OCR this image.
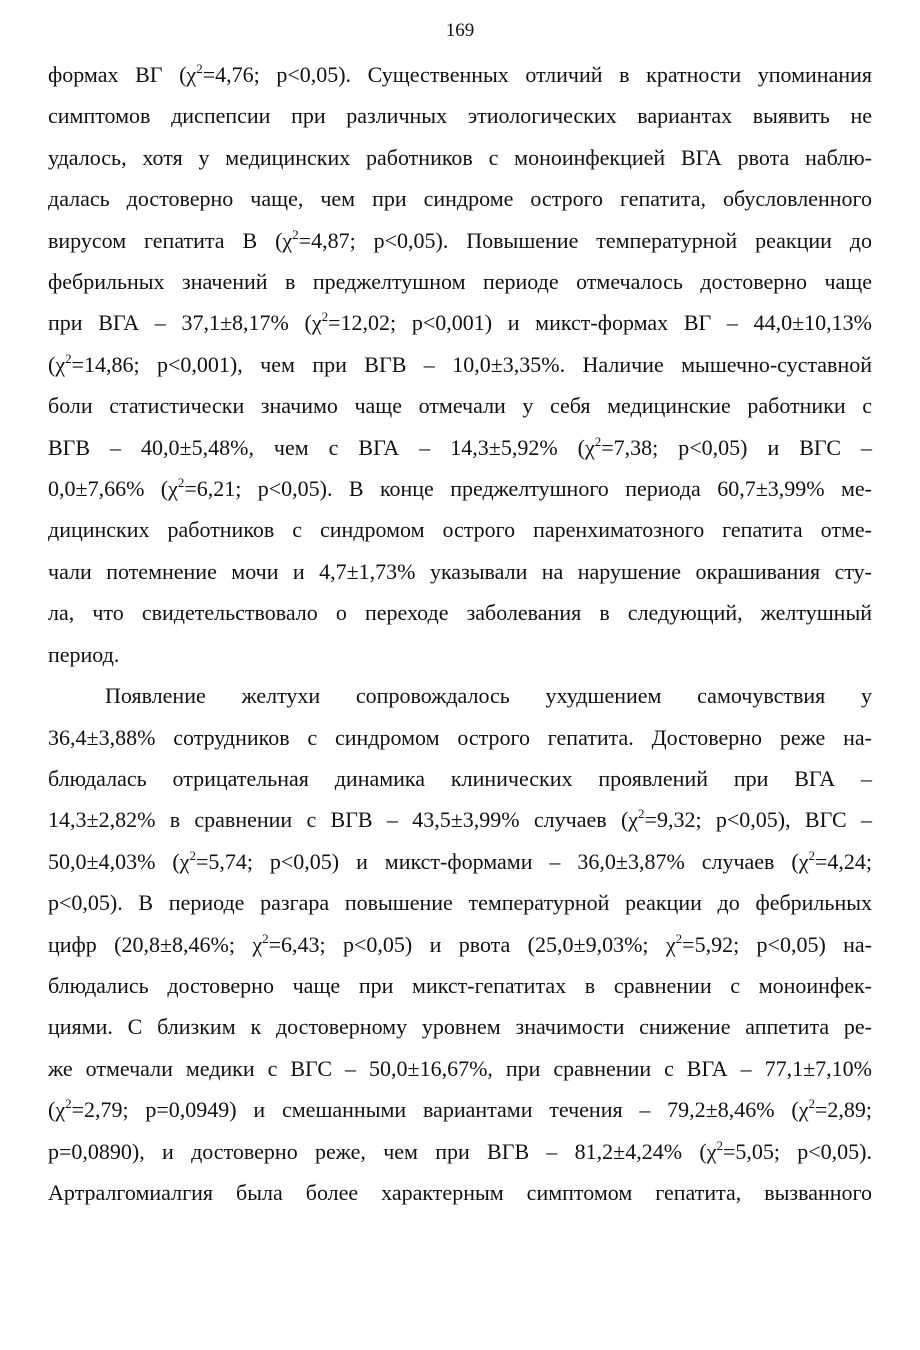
169
формах ВГ ($\chi^2=4,76$; р<0,05). Существенных отличий в кратности упоминания
симптомов диспепсии при различных этиологических вариантах выявить не
удалось, хотя у медицинских работников с моноинфекцией ВГА рвота наблю-
далась достоверно чаще, чем при синдроме острого гепатита, обусловленного
вирусом гепатита В ($\chi^2=4,87$; р<0,05). Повышение температурной реакции до
фебрильных значений в преджелтушном периоде отмечалось достоверно чаще
при ВГА – 37,1±8,17% ($\chi^2=12,02$; р<0,001) и микст-формах ВГ – 44,0±10,13%
($\chi^2=14,86$; р<0,001), чем при ВГВ – 10,0±3,35%. Наличие мышечно-суставной
боли статистически значимо чаще отмечали у себя медицинские работники с
ВГВ – 40,0±5,48%, чем с ВГА – 14,3±5,92% ($\chi^2=7,38$; р<0,05) и ВГС –
0,0±7,66% ($\chi^2=6,21$; р<0,05). В конце преджелтушного периода 60,7±3,99% ме-
дицинских работников с синдромом острого паренхиматозного гепатита отме-
чали потемнение мочи и 4,7±1,73% указывали на нарушение окрашивания сту-
ла, что свидетельствовало о переходе заболевания в следующий, желтушный
период.
Появление желтухи сопровождалось ухудшением самочувствия у
36,4±3,88% сотрудников с синдромом острого гепатита. Достоверно реже на-
блюдалась отрицательная динамика клинических проявлений при ВГА –
14,3±2,82% в сравнении с ВГВ – 43,5±3,99% случаев ($\chi^2=9,32$; р<0,05), ВГС –
50,0±4,03% ($\chi^2=5,74$; р<0,05) и микст-формами – 36,0±3,87% случаев ($\chi^2=4,24$;
р<0,05). В периоде разгара повышение температурной реакции до фебрильных
цифр (20,8±8,46%; $\chi^2=6,43$; р<0,05) и рвота (25,0±9,03%; $\chi^2=5,92$; р<0,05) на-
блюдались достоверно чаще при микст-гепатитах в сравнении с моноинфек-
циями. С близким к достоверному уровнем значимости снижение аппетита ре-
же отмечали медики с ВГС – 50,0±16,67%, при сравнении с ВГА – 77,1±7,10%
($\chi^2=2,79$; р=0,0949) и смешанными вариантами течения – 79,2±8,46% ($\chi^2=2,89$;
р=0,0890), и достоверно реже, чем при ВГВ – 81,2±4,24% ($\chi^2=5,05$; р<0,05).
Артралгомиалгия была более характерным симптомом гепатита, вызванного
